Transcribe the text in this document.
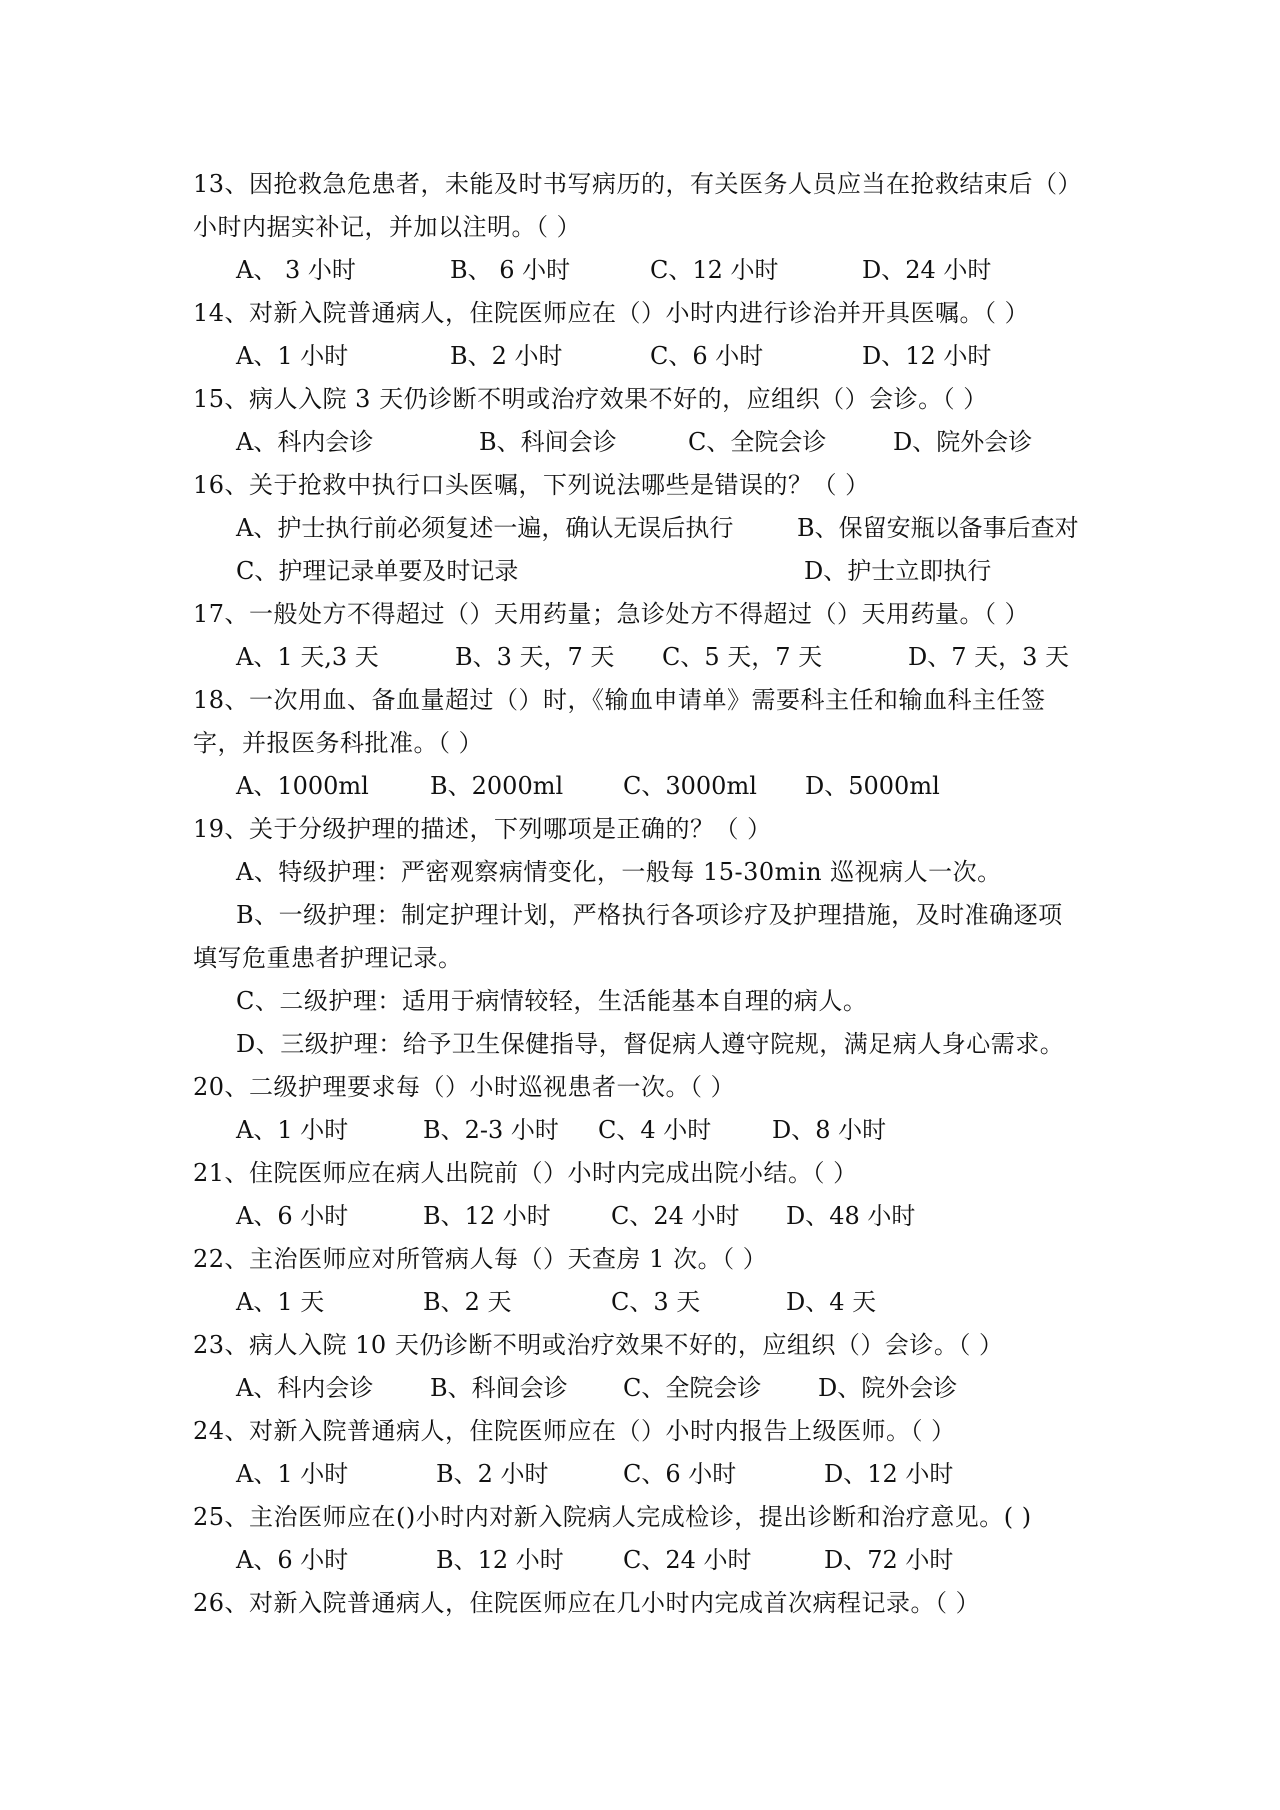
13、因抢救急危患者，未能及时书写病历的，有关医务人员应当在抢救结束后（）
小时内据实补记，并加以注明。（ ）
A、 3 小时	B、 6 小时	C、12 小时	D、24 小时
14、对新入院普通病人，住院医师应在（）小时内进行诊治并开具医嘱。（ ）
A、1 小时	B、2 小时	C、6 小时	D、12 小时
15、病人入院 3 天仍诊断不明或治疗效果不好的，应组织（）会诊。（ ）
A、科内会诊	B、科间会诊	C、全院会诊	D、院外会诊
16、关于抢救中执行口头医嘱，下列说法哪些是错误的？（ ）
A、护士执行前必须复述一遍，确认无误后执行	B、保留安瓶以备事后查对
C、护理记录单要及时记录	D、护士立即执行
17、一般处方不得超过（）天用药量；急诊处方不得超过（）天用药量。（ ）
A、1 天,3 天	B、3 天，7 天 C、5 天，7 天	D、7 天，3 天
18、一次用血、备血量超过（）时，《输血申请单》需要科主任和输血科主任签
字，并报医务科批准。（ ）
A、1000ml	B、2000ml C、3000ml D、5000ml
19、关于分级护理的描述，下列哪项是正确的？（ ）
A、特级护理：严密观察病情变化，一般每 15-30min 巡视病人一次。
B、一级护理：制定护理计划，严格执行各项诊疗及护理措施，及时准确逐项
填写危重患者护理记录。
C、二级护理：适用于病情较轻，生活能基本自理的病人。
D、三级护理：给予卫生保健指导，督促病人遵守院规，满足病人身心需求。
20、二级护理要求每（）小时巡视患者一次。（ ）
A、1 小时	B、2-3 小时 C、4 小时	D、8 小时
21、住院医师应在病人出院前（）小时内完成出院小结。（ ）
A、6 小时	B、12 小时	C、24 小时 D、48 小时
22、主治医师应对所管病人每（）天查房 1 次。（ ）
A、1 天	B、2 天	C、3 天	D、4 天
23、病人入院 10 天仍诊断不明或治疗效果不好的，应组织（）会诊。（ ）
A、科内会诊 B、科间会诊 C、全院会诊 D、院外会诊
24、对新入院普通病人，住院医师应在（）小时内报告上级医师。（ ）
A、1 小时	B、2 小时	C、6 小时	D、12 小时
25、主治医师应在()小时内对新入院病人完成检诊，提出诊断和治疗意见。( )
A、6 小时	B、12 小时 C、24 小时	D、72 小时
26、对新入院普通病人，住院医师应在几小时内完成首次病程记录。（ ）
